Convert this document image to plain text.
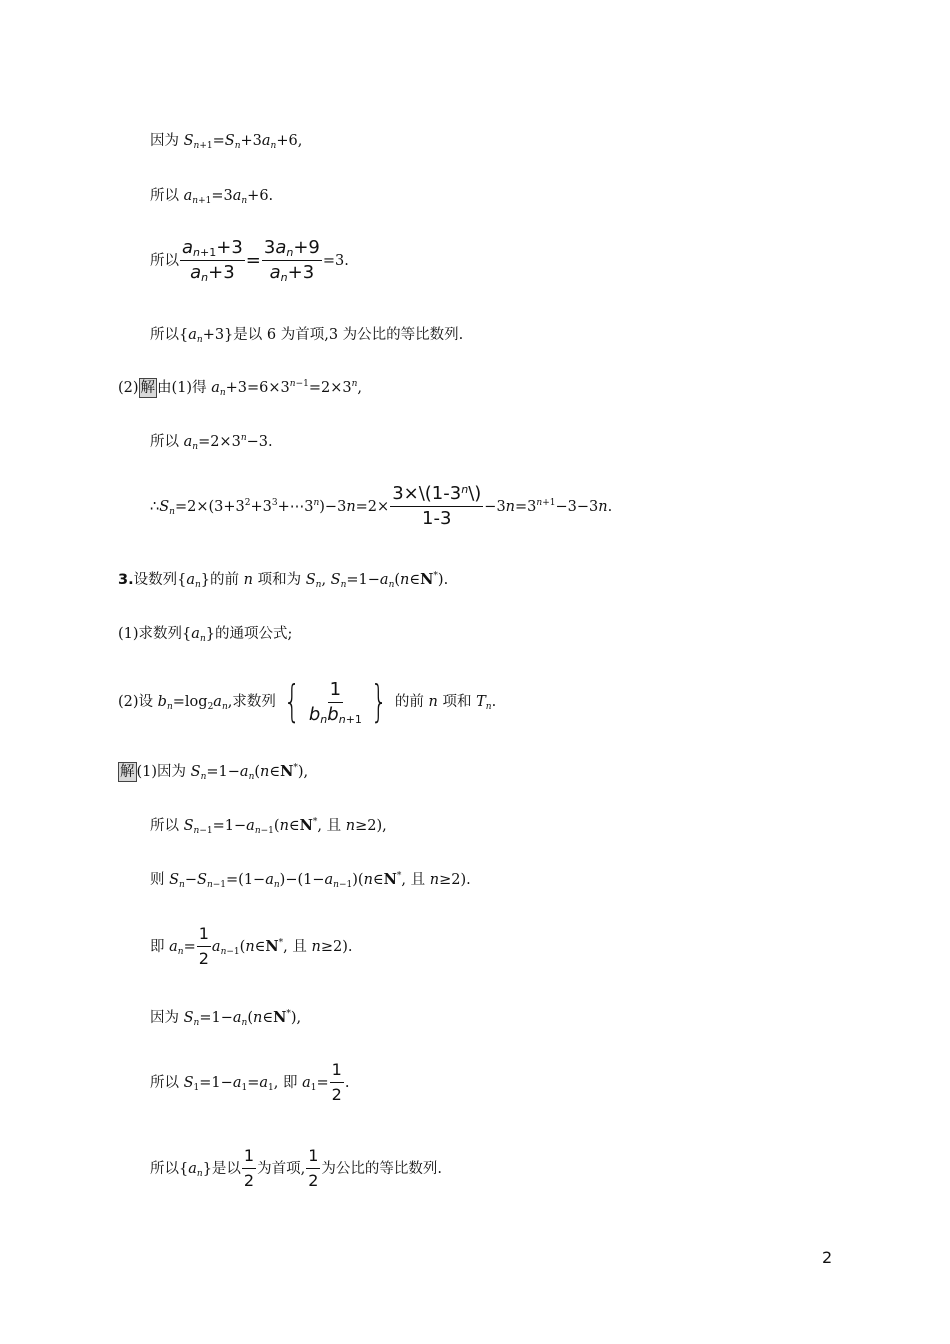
因为 $S_{n+1}=S_n+3a_n+6$,
所以 $a_{n+1}=3a_n+6$.
所以 $\frac{a_{n+1}+3}{a_n+3} = \frac{3a_n+9}{a_n+3} =3$.
所以 $\{a_n+3\}$ 是以 6 为首项,3 为公比的等比数列.
(2) 解 由(1)得 $a_n+3=6\times 3^{n-1}=2\times 3^n$,
所以 $a_n=2\times 3^n-3$.
∴ $S_n=2\times(3+3^2+3^3+\cdots 3^n)-3n=2\times \frac{3\times\backslash(1-3^n\backslash)}{1-3} -3n=3^{n+1}-3-3n$.
3. 设数列 $\{a_n\}$ 的前 n 项和为 $S_n$, $S_n=1-a_n(n\in N^*)$ .
(1)求数列 $\{a_n\}$ 的通项公式;
(2)设 $b_n=\log_2a_n$ ,求数列 { $\frac{1}{b_nb_{n+1}}$ } 的前 n 项和 $T_n$.
解 (1)因为 $S_n=1-a_n(n\in N^*)$,
所以 $S_{n-1}=1-a_{n-1}(n\in N^*$ , 且 n≥2),
则 $S_n-S_{n-1}=(1-a_n)-(1-a_{n-1})(n\in N^*$ , 且 n≥2).
即 $a_n= \frac{1}{2}$ $a_{n-1}(n\in N^*$ , 且 n≥2).
因为 $S_n=1-a_n(n\in N^*)$,
所以 $S_1=1-a_1=a_1$ , 即 $a_1= \frac{1}{2}$ .
所以 $\{a_n\}$ 是以 $\frac{1}{2}$ 为首项, $\frac{1}{2}$ 为公比的等比数列.
2
